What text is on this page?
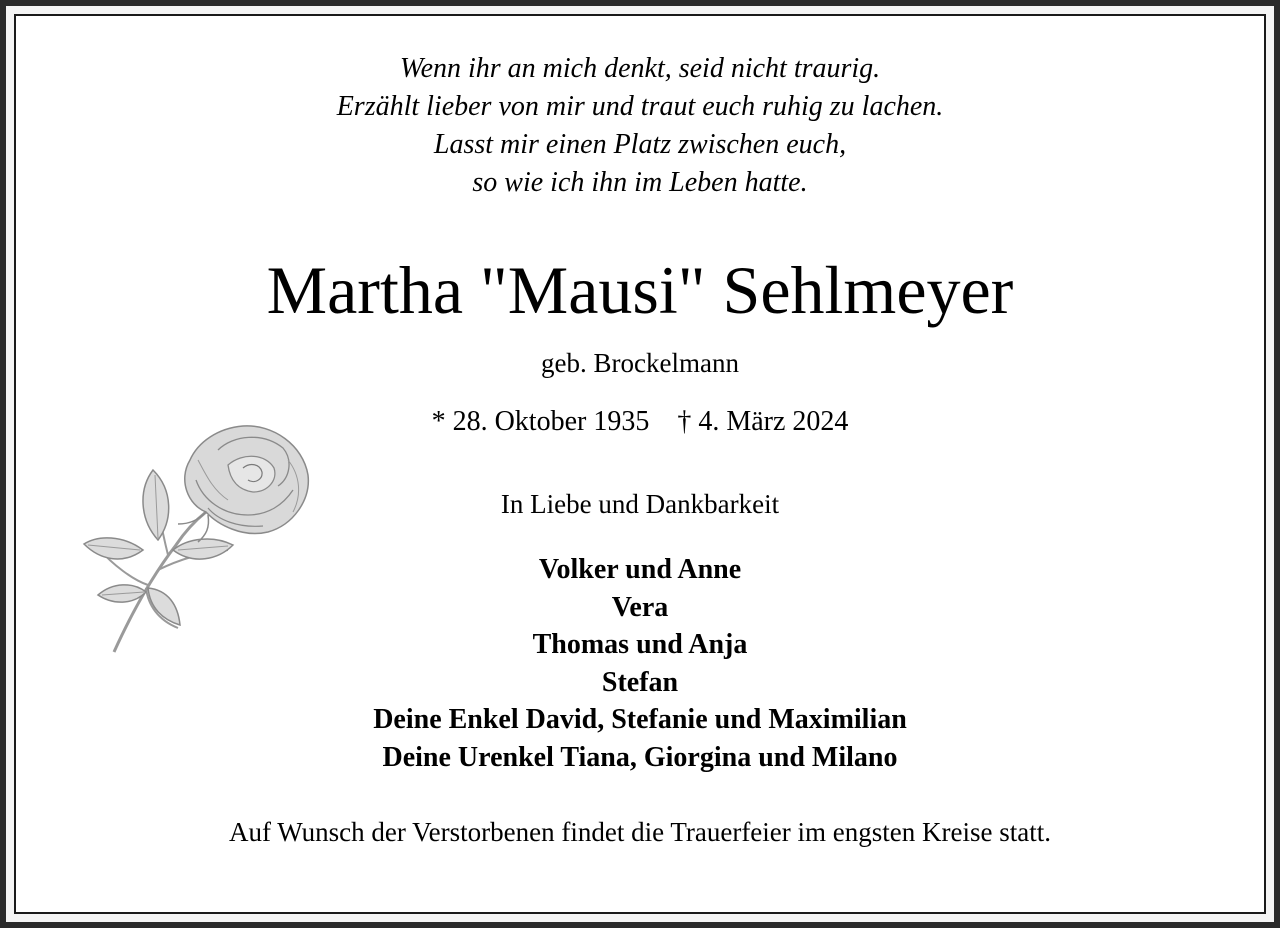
Wenn ihr an mich denkt, seid nicht traurig.
Erzählt lieber von mir und traut euch ruhig zu lachen.
Lasst mir einen Platz zwischen euch,
so wie ich ihn im Leben hatte.
Martha "Mausi" Sehlmeyer
geb. Brockelmann
* 28. Oktober 1935 † 4. März 2024
In Liebe und Dankbarkeit
Volker und Anne
Vera
Thomas und Anja
Stefan
Deine Enkel David, Stefanie und Maximilian
Deine Urenkel Tiana, Giorgina und Milano
Auf Wunsch der Verstorbenen findet die Trauerfeier im engsten Kreise statt.
